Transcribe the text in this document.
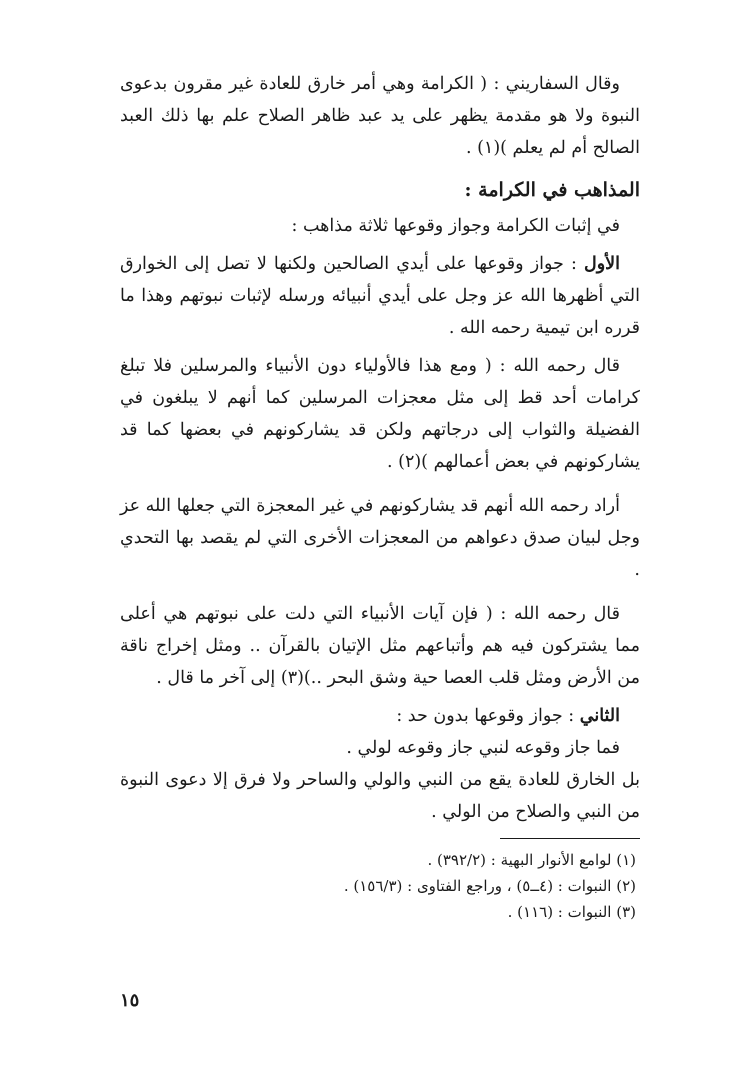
وقال السفاريني : ( الكرامة وهي أمر خارق للعادة غير مقرون بدعوى النبوة ولا هو مقدمة يظهر على يد عبد ظاهر الصلاح علم بها ذلك العبد الصالح أم لم يعلم )(١) .

المذاهب في الكرامة :

في إثبات الكرامة وجواز وقوعها ثلاثة مذاهب :

الأول : جواز وقوعها على أيدي الصالحين ولكنها لا تصل إلى الخوارق التي أظهرها الله عز وجل على أيدي أنبيائه ورسله لإثبات نبوتهم وهذا ما قرره ابن تيمية رحمه الله .

قال رحمه الله : ( ومع هذا فالأولياء دون الأنبياء والمرسلين فلا تبلغ كرامات أحد قط إلى مثل معجزات المرسلين كما أنهم لا يبلغون في الفضيلة والثواب إلى درجاتهم ولكن قد يشاركونهم في بعضها كما قد يشاركونهم في بعض أعمالهم )(٢) .

أراد رحمه الله أنهم قد يشاركونهم في غير المعجزة التي جعلها الله عز وجل لبيان صدق دعواهم من المعجزات الأخرى التي لم يقصد بها التحدي .

قال رحمه الله : ( فإن آيات الأنبياء التي دلت على نبوتهم هي أعلى مما يشتركون فيه هم وأتباعهم مثل الإتيان بالقرآن .. ومثل إخراج ناقة من الأرض ومثل قلب العصا حية وشق البحر ..)(٣) إلى آخر ما قال .

الثاني : جواز وقوعها بدون حد :

فما جاز وقوعه لنبي جاز وقوعه لولي .

بل الخارق للعادة يقع من النبي والولي والساحر ولا فرق إلا دعوى النبوة من النبي والصلاح من الولي .

(١) لوامع الأنوار البهية : (٣٩٢/٢) .

(٢) النبوات : (٤ــ٥) ، وراجع الفتاوى : (١٥٦/٣) .

(٣) النبوات : (١١٦) .

١٥
